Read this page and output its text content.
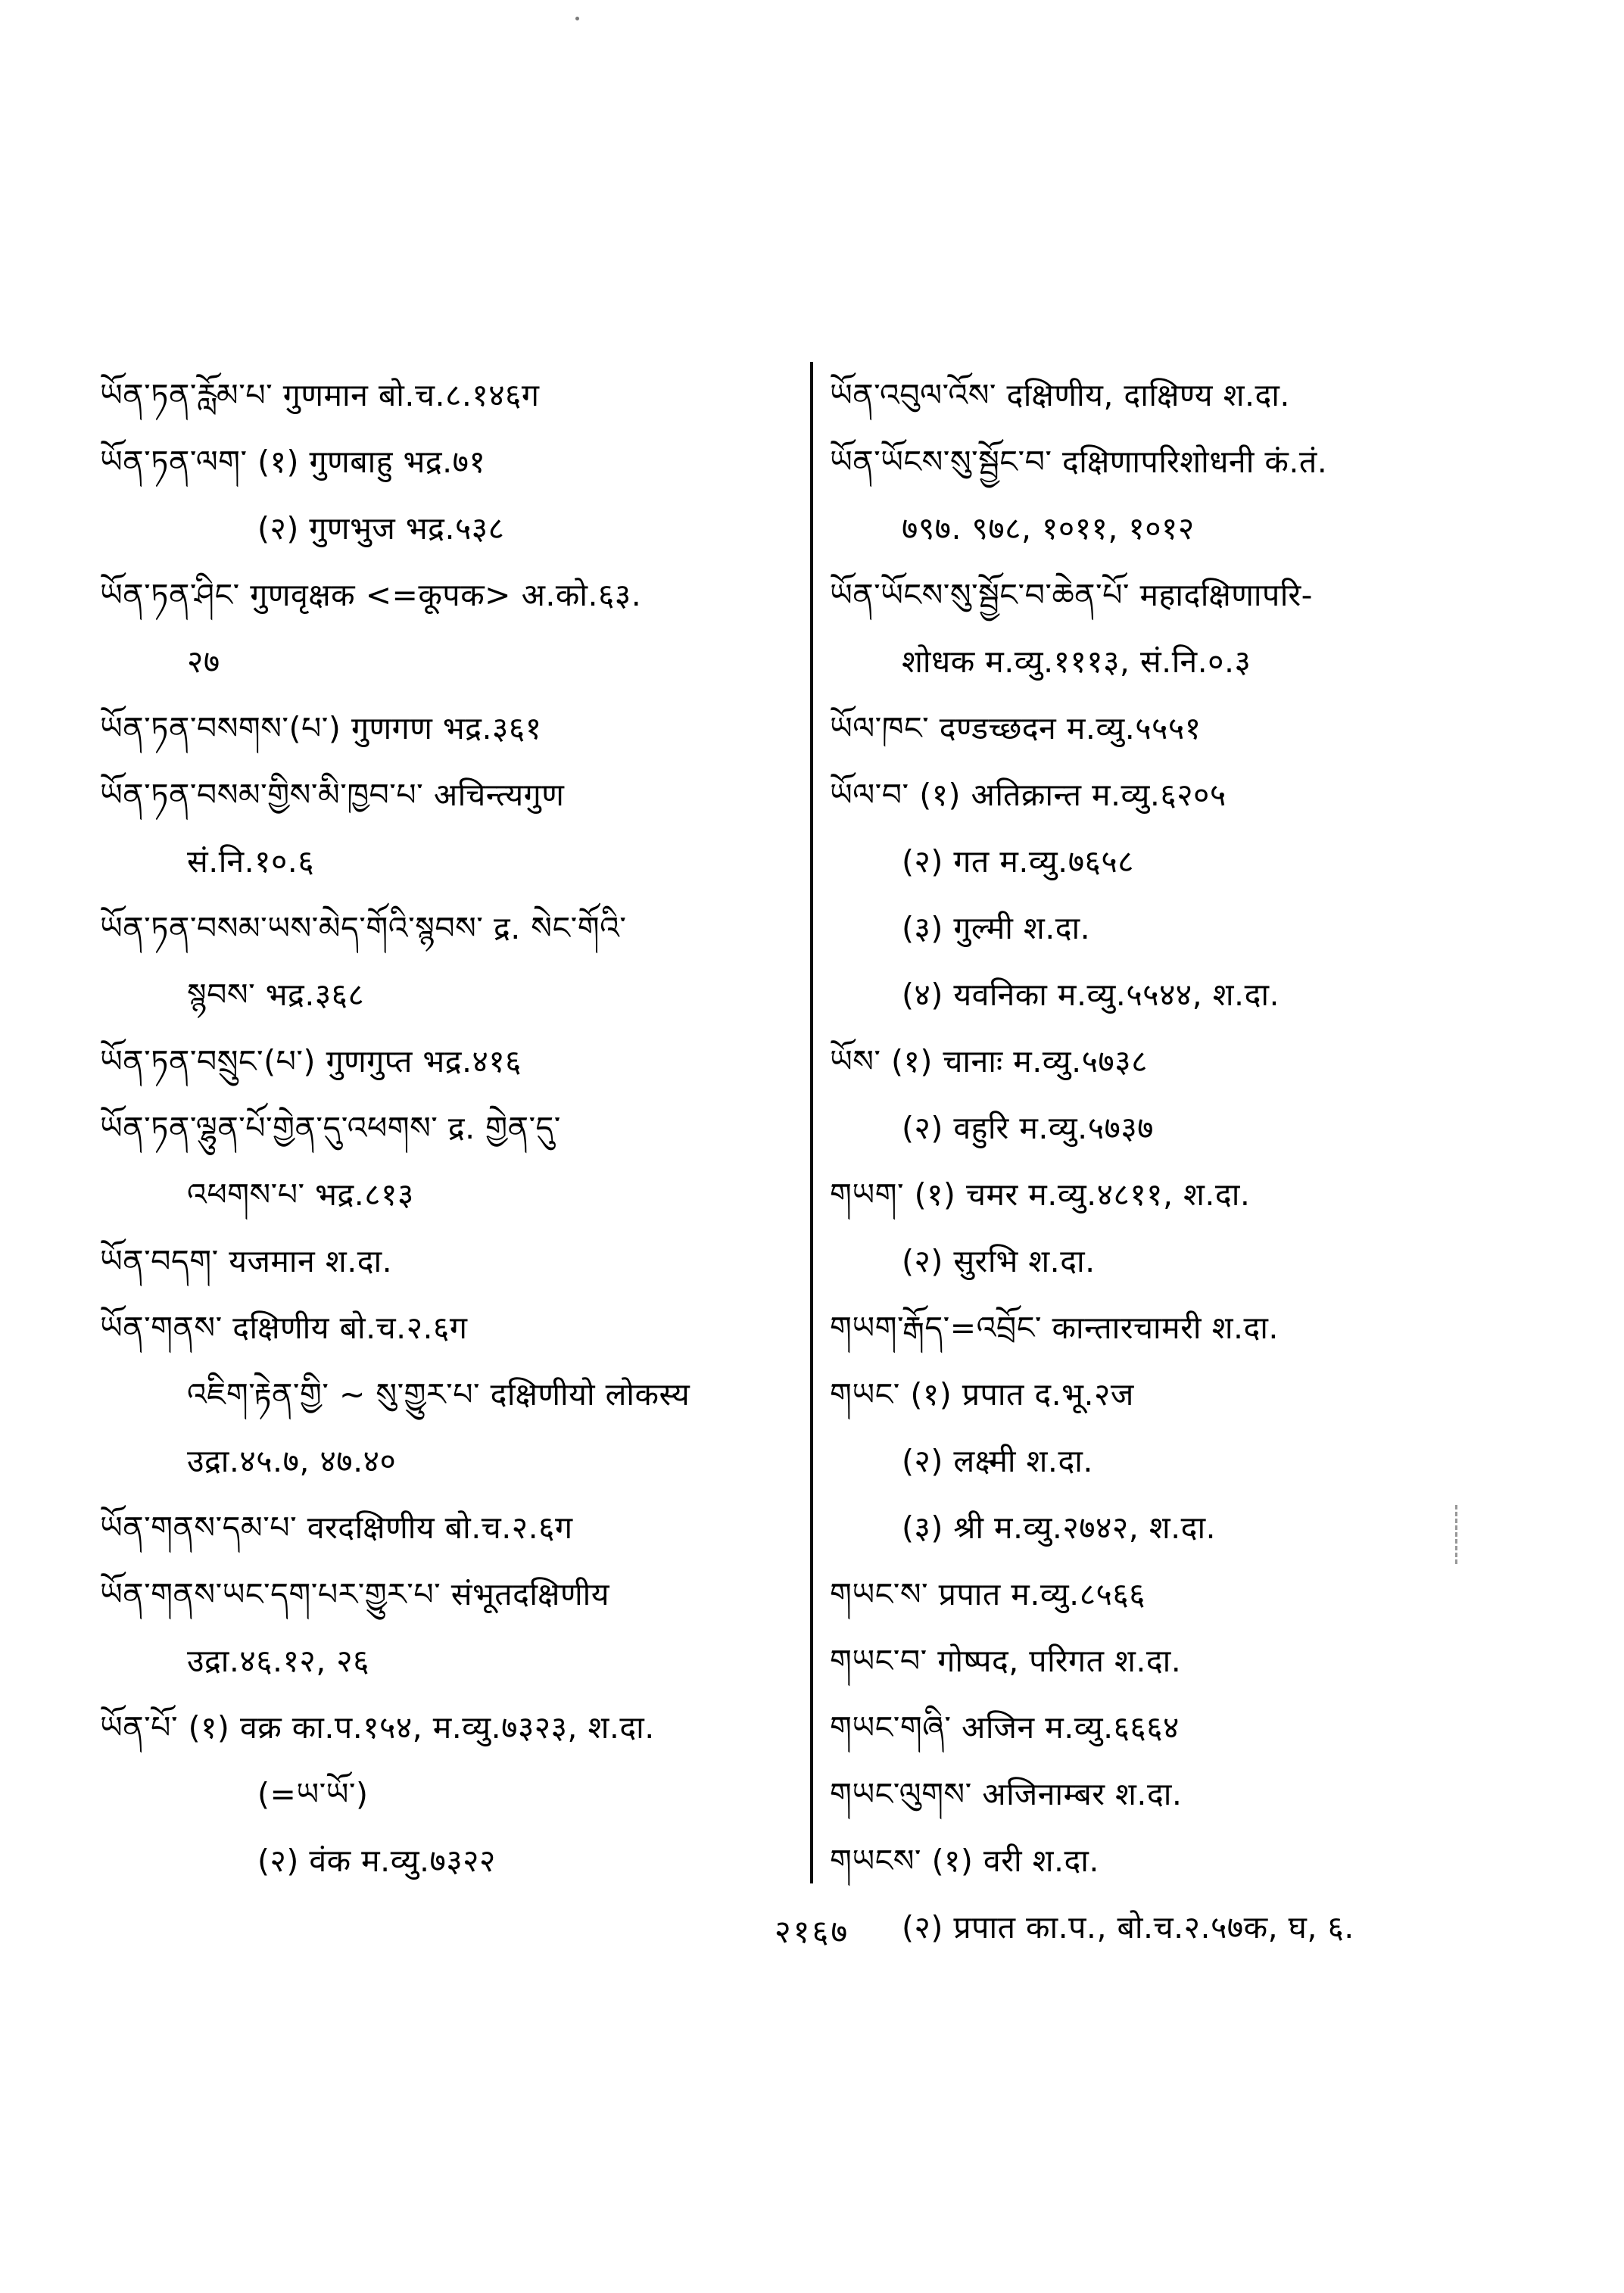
ཡོན་ཏན་རློམ་པ་ गुणमान बो.च.८.१४६ग
ཡོན་ཏན་ལག་ (१) गुणबाहु भद्र.७१
(२) गुणभुज भद्र.५३८
ཡོན་ཏན་ཤིང་ गुणवृक्षक <=कूपक> अ.को.६३.
२७
ཡོན་ཏན་བསགས་(པ་) गुणगण भद्र.३६१
ཡོན་ཏན་བསམ་གྱིས་མི་ཁྱབ་པ་ अचिन्त्यगुण
सं.नि.१०.६
ཡོན་ཏན་བསམ་ཡས་མེད་གོའི་སྙབས་ द्र. སེང་གོའི་
སྙབས་ भद्र.३६८
ཡོན་ཏན་བསྲུང་(པ་) गुणगुप्त भद्र.४१६
ཡོན་ཏན་ལྷུན་པོ་གྱེན་དུ་འཕགས་ द्र. གྱེན་དུ་
འཕགས་པ་ भद्र.८१३
ཡོན་བདག་ यजमान श.दा.
ཡོན་གནས་ दक्षिणीय बो.च.२.६ग
འཇིག་རྟེན་གྱི་ ~ སུ་གྱུར་པ་ दक्षिणीयो लोकस्य
उद्रा.४५.७, ४७.४०
ཡོན་གནས་དམ་པ་ वरदक्षिणीय बो.च.२.६ग
ཡོན་གནས་ཡང་དག་པར་གྱུར་པ་ संभूतदक्षिणीय
उद्रा.४६.१२, २६
ཡོན་པོ་ (१) वक्र का.प.१५४, म.व्यु.७३२३, श.दा.
(=ཡ་ཡོ་)
(२) वंक म.व्यु.७३२२
ཡོན་འབུལ་འོས་ दक्षिणीय, दाक्षिण्य श.दा.
ཡོན་ཡོངས་སུ་སྦྱོང་བ་ दक्षिणापरिशोधनी कं.तं.
७९७. ९७८, १०११, १०१२
ཡོན་ཡོངས་སུ་སྦྱོང་བ་ཆེན་པོ་ महादक्षिणापरि-
शोधक म.व्यु.१११३, सं.नि.०.३
ཡོལ་ཁང་ दण्डच्छदन म.व्यु.५५५१
ཡོལ་བ་ (१) अतिक्रान्त म.व्यु.६२०५
(२) गत म.व्यु.७६५८
(३) गुल्मी श.दा.
(४) यवनिका म.व्यु.५५४४, श.दा.
ཡོས་ (१) चानाः म.व्यु.५७३८
(२) वहुरि म.व्यु.५७३७
གཡག་ (१) चमर म.व्यु.४८११, श.दा.
(२) सुरभि श.दा.
གཡག་རྒོད་=འབྲོང་ कान्तारचामरी श.दा.
གཡང་ (१) प्रपात द.भू.२ज
(२) लक्ष्मी श.दा.
(३) श्री म.व्यु.२७४२, श.दा.
གཡང་ས་ प्रपात म.व्यु.८५६६
གཡང་བ་ गोष्पद, परिगत श.दा.
གཡང་གཞི་ अजिन म.व्यु.६६६४
གཡང་ལུགས་ अजिनाम्बर श.दा.
གཡངས་ (१) वरी श.दा.
(२) प्रपात का.प., बो.च.२.५७क, घ, ६.
२१६७
